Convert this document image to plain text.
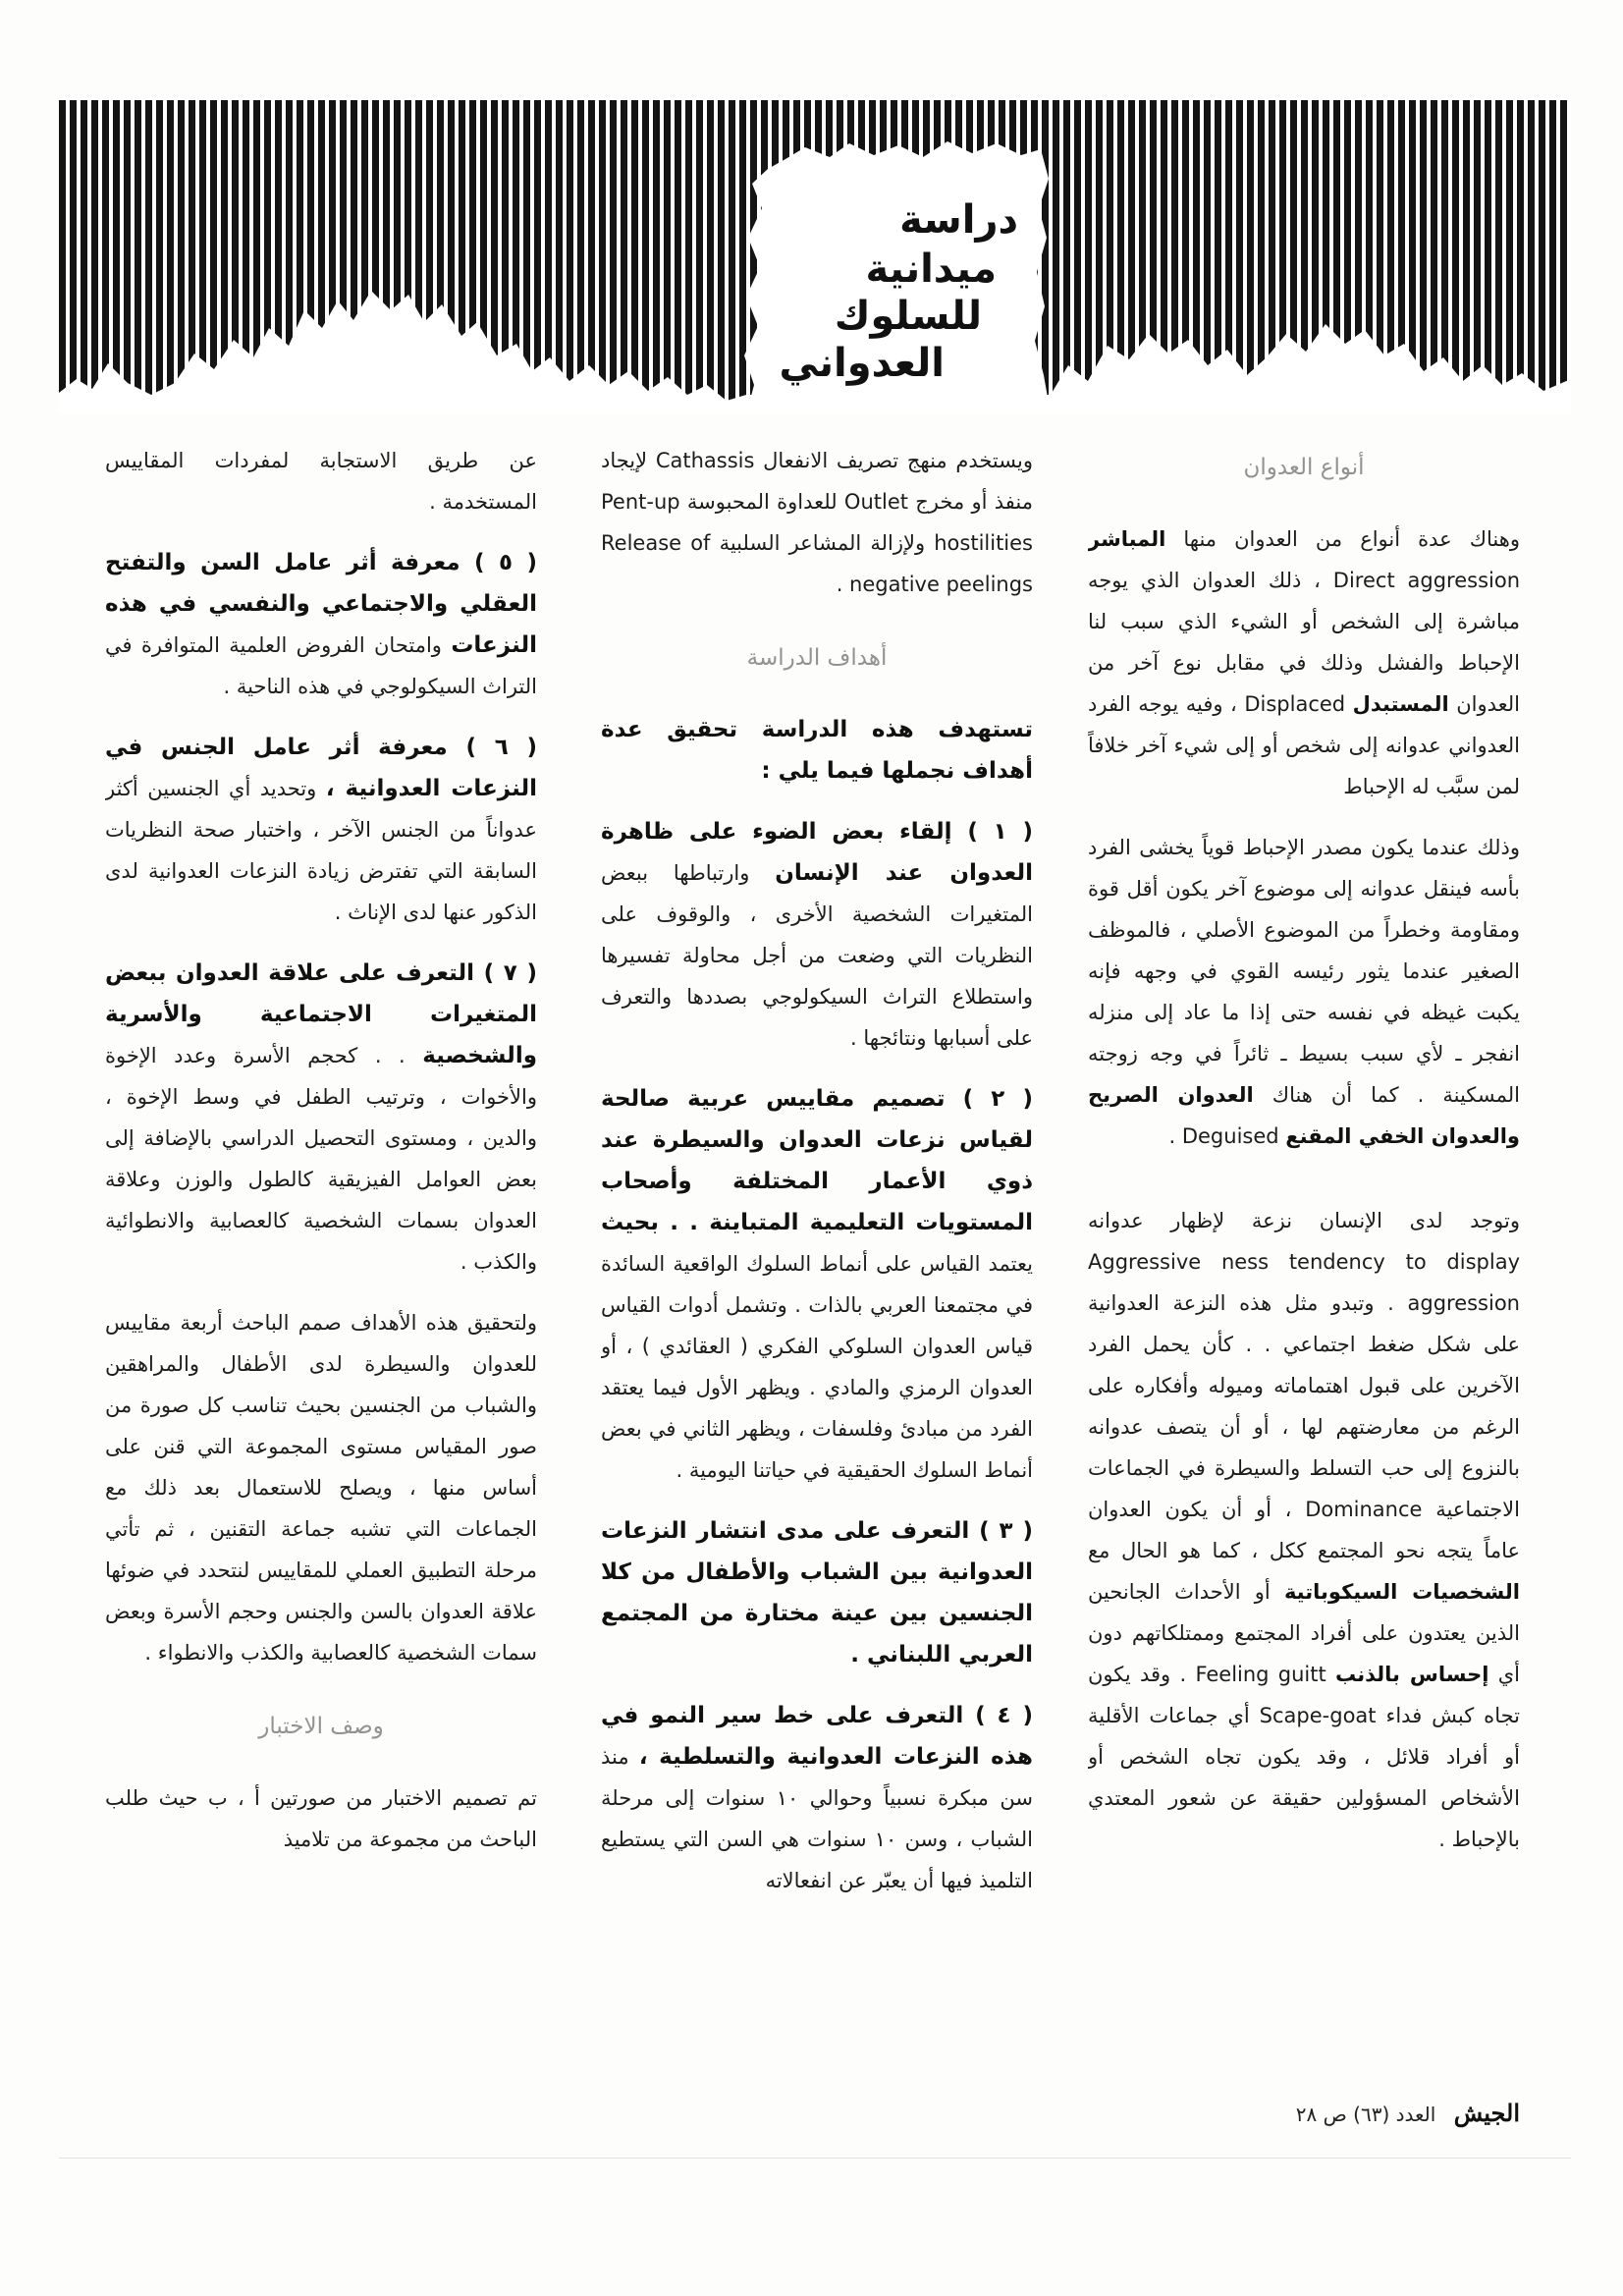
دراسة
ميدانية
للسلوك
العدواني
أنواع العدوان

وهناك عدة أنواع من العدوان منها المباشر Direct aggression ، ذلك العدوان الذي يوجه مباشرة إلى الشخص أو الشيء الذي سبب لنا الإحباط والفشل وذلك في مقابل نوع آخر من العدوان المستبدل Displaced ، وفيه يوجه الفرد العدواني عدوانه إلى شخص أو إلى شيء آخر خلافاً لمن سبَّب له الإحباط

وذلك عندما يكون مصدر الإحباط قوياً يخشى الفرد بأسه فينقل عدوانه إلى موضوع آخر يكون أقل قوة ومقاومة وخطراً من الموضوع الأصلي ، فالموظف الصغير عندما يثور رئيسه القوي في وجهه فإنه يكبت غيظه في نفسه حتى إذا ما عاد إلى منزله انفجر ـ لأي سبب بسيط ـ ثائراً في وجه زوجته المسكينة . كما أن هناك العدوان الصريح والعدوان الخفي المقنع Deguised .

وتوجد لدى الإنسان نزعة لإظهار عدوانه Aggressive ness tendency to display aggression . وتبدو مثل هذه النزعة العدوانية على شكل ضغط اجتماعي . . كأن يحمل الفرد الآخرين على قبول اهتماماته وميوله وأفكاره على الرغم من معارضتهم لها ، أو أن يتصف عدوانه بالنزوع إلى حب التسلط والسيطرة في الجماعات الاجتماعية Dominance ، أو أن يكون العدوان عاماً يتجه نحو المجتمع ككل ، كما هو الحال مع الشخصيات السيكوباتية أو الأحداث الجانحين الذين يعتدون على أفراد المجتمع وممتلكاتهم دون أي إحساس بالذنب Feeling guitt . وقد يكون تجاه كبش فداء Scape-goat أي جماعات الأقلية أو أفراد قلائل ، وقد يكون تجاه الشخص أو الأشخاص المسؤولين حقيقة عن شعور المعتدي بالإحباط .

ويستخدم منهج تصريف الانفعال Cathassis لإيجاد منفذ أو مخرج Outlet للعداوة المحبوسة Pent-up hostilities ولإزالة المشاعر السلبية Release of negative peelings .

أهداف الدراسة

تستهدف هذه الدراسة تحقيق عدة أهداف نجملها فيما يلي :

( ١ ) إلقاء بعض الضوء على ظاهرة العدوان عند الإنسان وارتباطها ببعض المتغيرات الشخصية الأخرى ، والوقوف على النظريات التي وضعت من أجل محاولة تفسيرها واستطلاع التراث السيكولوجي بصددها والتعرف على أسبابها ونتائجها .

( ٢ ) تصميم مقاييس عربية صالحة لقياس نزعات العدوان والسيطرة عند ذوي الأعمار المختلفة وأصحاب المستويات التعليمية المتباينة . . بحيث يعتمد القياس على أنماط السلوك الواقعية السائدة في مجتمعنا العربي بالذات . وتشمل أدوات القياس قياس العدوان السلوكي الفكري ( العقائدي ) ، أو العدوان الرمزي والمادي . ويظهر الأول فيما يعتقد الفرد من مبادئ وفلسفات ، ويظهر الثاني في بعض أنماط السلوك الحقيقية في حياتنا اليومية .

( ٣ ) التعرف على مدى انتشار النزعات العدوانية بين الشباب والأطفال من كلا الجنسين بين عينة مختارة من المجتمع العربي اللبناني .

( ٤ ) التعرف على خط سير النمو في هذه النزعات العدوانية والتسلطية ، منذ سن مبكرة نسبياً وحوالي ١٠ سنوات إلى مرحلة الشباب ، وسن ١٠ سنوات هي السن التي يستطيع التلميذ فيها أن يعبّر عن انفعالاته

عن طريق الاستجابة لمفردات المقاييس المستخدمة .

( ٥ ) معرفة أثر عامل السن والتفتح العقلي والاجتماعي والنفسي في هذه النزعات وامتحان الفروض العلمية المتوافرة في التراث السيكولوجي في هذه الناحية .

( ٦ ) معرفة أثر عامل الجنس في النزعات العدوانية ، وتحديد أي الجنسين أكثر عدواناً من الجنس الآخر ، واختبار صحة النظريات السابقة التي تفترض زيادة النزعات العدوانية لدى الذكور عنها لدى الإناث .

( ٧ ) التعرف على علاقة العدوان ببعض المتغيرات الاجتماعية والأسرية والشخصية . . كحجم الأسرة وعدد الإخوة والأخوات ، وترتيب الطفل في وسط الإخوة ، والدين ، ومستوى التحصيل الدراسي بالإضافة إلى بعض العوامل الفيزيقية كالطول والوزن وعلاقة العدوان بسمات الشخصية كالعصابية والانطوائية والكذب .

ولتحقيق هذه الأهداف صمم الباحث أربعة مقاييس للعدوان والسيطرة لدى الأطفال والمراهقين والشباب من الجنسين بحيث تناسب كل صورة من صور المقياس مستوى المجموعة التي قنن على أساس منها ، ويصلح للاستعمال بعد ذلك مع الجماعات التي تشبه جماعة التقنين ، ثم تأتي مرحلة التطبيق العملي للمقاييس لنتحدد في ضوئها علاقة العدوان بالسن والجنس وحجم الأسرة وبعض سمات الشخصية كالعصابية والكذب والانطواء .

وصف الاختبار

تم تصميم الاختبار من صورتين أ ، ب حيث طلب الباحث من مجموعة من تلاميذ

الجيش العدد (٦٣) ص ٢٨
